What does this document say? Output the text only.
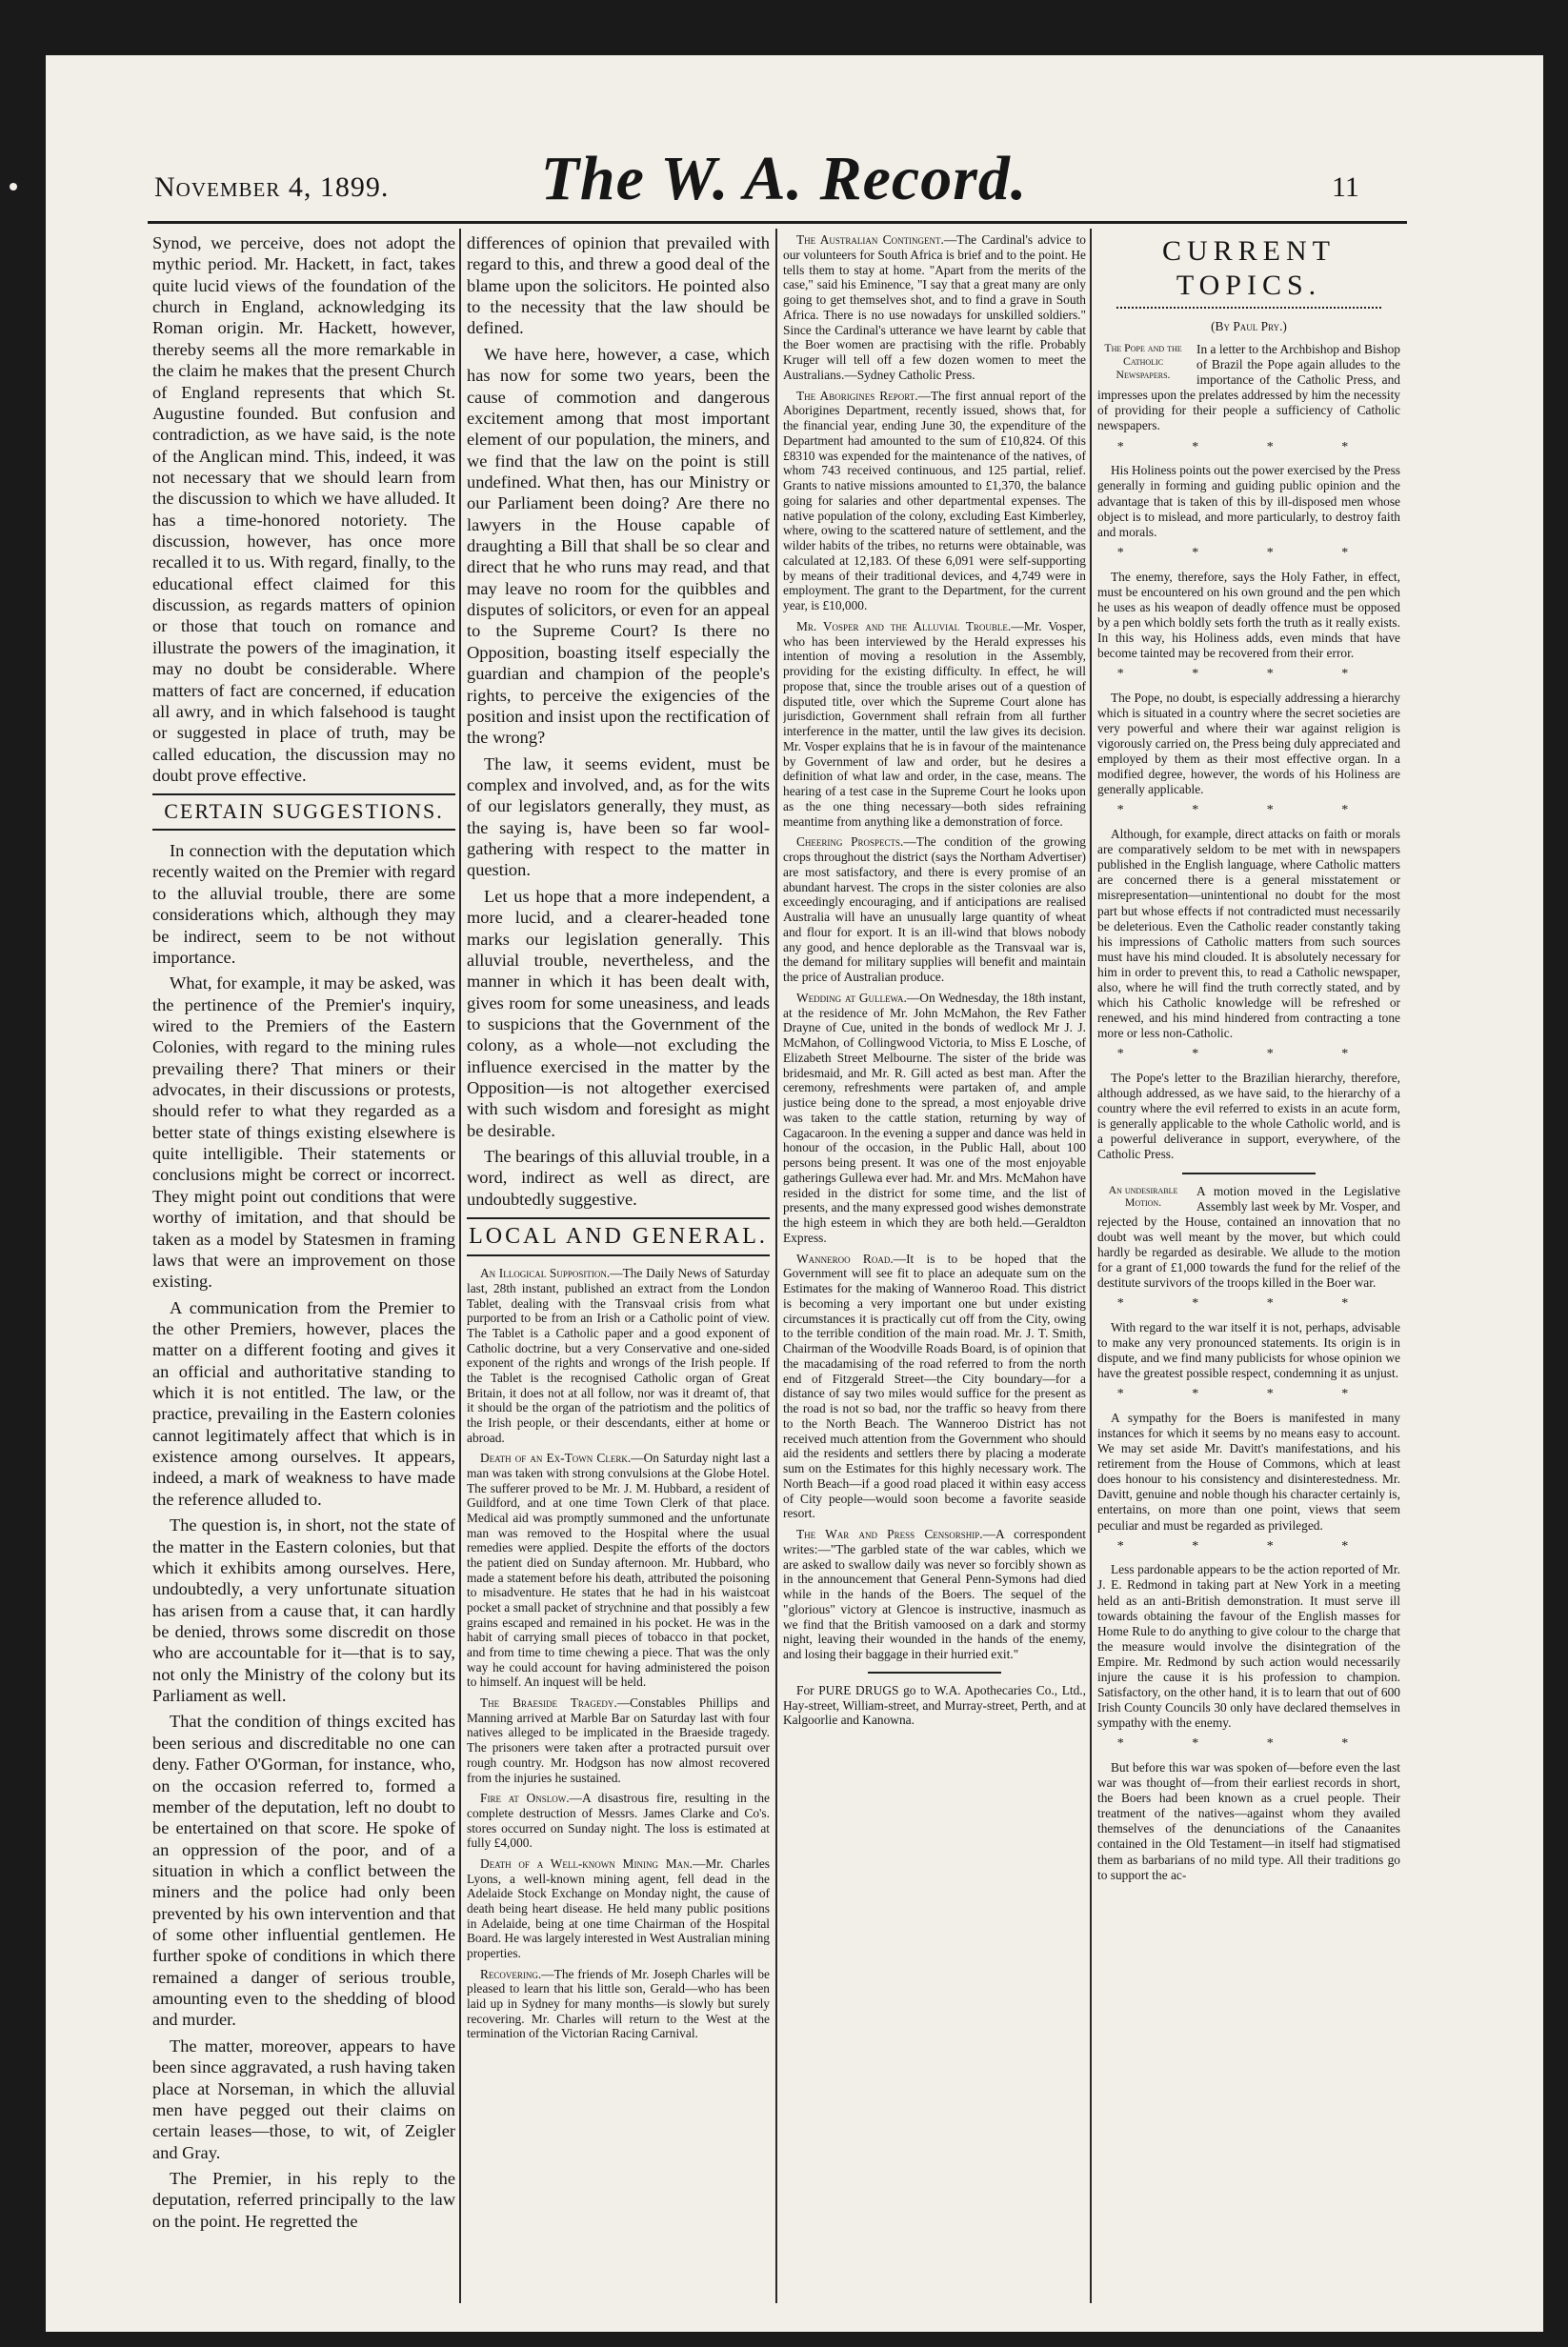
November 4, 1899.	The W. A. Record.	11

Synod, we perceive, does not adopt the mythic period. Mr. Hackett, in fact, takes quite lucid views of the foundation of the church in England, acknowledging its Roman origin. Mr. Hackett, however, thereby seems all the more remarkable in the claim he makes that the present Church of England represents that which St. Augustine founded. But confusion and contradiction, as we have said, is the note of the Anglican mind. This, indeed, it was not necessary that we should learn from the discussion to which we have alluded. It has a time-honored notoriety. The discussion, however, has once more recalled it to us. With regard, finally, to the educational effect claimed for this discussion, as regards matters of opinion or those that touch on romance and illustrate the powers of the imagination, it may no doubt be considerable. Where matters of fact are concerned, if education all awry, and in which falsehood is taught or suggested in place of truth, may be called education, the discussion may no doubt prove effective.

CERTAIN SUGGESTIONS.

In connection with the deputation which recently waited on the Premier with regard to the alluvial trouble, there are some considerations which, although they may be indirect, seem to be not without importance.

What, for example, it may be asked, was the pertinence of the Premier's inquiry, wired to the Premiers of the Eastern Colonies, with regard to the mining rules prevailing there? That miners or their advocates, in their discussions or protests, should refer to what they regarded as a better state of things existing elsewhere is quite intelligible. Their statements or conclusions might be correct or incorrect. They might point out conditions that were worthy of imitation, and that should be taken as a model by Statesmen in framing laws that were an improvement on those existing.

A communication from the Premier to the other Premiers, however, places the matter on a different footing and gives it an official and authoritative standing to which it is not entitled. The law, or the practice, prevailing in the Eastern colonies cannot legitimately affect that which is in existence among ourselves. It appears, indeed, a mark of weakness to have made the reference alluded to.

The question is, in short, not the state of the matter in the Eastern colonies, but that which it exhibits among ourselves. Here, undoubtedly, a very unfortunate situation has arisen from a cause that, it can hardly be denied, throws some discredit on those who are accountable for it—that is to say, not only the Ministry of the colony but its Parliament as well.

That the condition of things excited has been serious and discreditable no one can deny. Father O'Gorman, for instance, who, on the occasion referred to, formed a member of the deputation, left no doubt to be entertained on that score. He spoke of an oppression of the poor, and of a situation in which a conflict between the miners and the police had only been prevented by his own intervention and that of some other influential gentlemen. He further spoke of conditions in which there remained a danger of serious trouble, amounting even to the shedding of blood and murder.

The matter, moreover, appears to have been since aggravated, a rush having taken place at Norseman, in which the alluvial men have pegged out their claims on certain leases—those, to wit, of Zeigler and Gray.

The Premier, in his reply to the deputation, referred principally to the law on the point. He regretted the

differences of opinion that prevailed with regard to this, and threw a good deal of the blame upon the solicitors. He pointed also to the necessity that the law should be defined.

We have here, however, a case, which has now for some two years, been the cause of commotion and dangerous excitement among that most important element of our population, the miners, and we find that the law on the point is still undefined. What then, has our Ministry or our Parliament been doing? Are there no lawyers in the House capable of draughting a Bill that shall be so clear and direct that he who runs may read, and that may leave no room for the quibbles and disputes of solicitors, or even for an appeal to the Supreme Court? Is there no Opposition, boasting itself especially the guardian and champion of the people's rights, to perceive the exigencies of the position and insist upon the rectification of the wrong?

The law, it seems evident, must be complex and involved, and, as for the wits of our legislators generally, they must, as the saying is, have been so far wool-gathering with respect to the matter in question.

Let us hope that a more independent, a more lucid, and a clearer-headed tone marks our legislation generally. This alluvial trouble, nevertheless, and the manner in which it has been dealt with, gives room for some uneasiness, and leads to suspicions that the Government of the colony, as a whole—not excluding the influence exercised in the matter by the Opposition—is not altogether exercised with such wisdom and foresight as might be desirable.

The bearings of this alluvial trouble, in a word, indirect as well as direct, are undoubtedly suggestive.

LOCAL AND GENERAL.

An Illogical Supposition.—The Daily News of Saturday last, 28th instant, published an extract from the London Tablet, dealing with the Transvaal crisis from what purported to be from an Irish or a Catholic point of view. The Tablet is a Catholic paper and a good exponent of Catholic doctrine, but a very Conservative and one-sided exponent of the rights and wrongs of the Irish people. If the Tablet is the recognised Catholic organ of Great Britain, it does not at all follow, nor was it dreamt of, that it should be the organ of the patriotism and the politics of the Irish people, or their descendants, either at home or abroad.

Death of an Ex-Town Clerk.—On Saturday night last a man was taken with strong convulsions at the Globe Hotel. The sufferer proved to be Mr. J. M. Hubbard, a resident of Guildford, and at one time Town Clerk of that place. Medical aid was promptly summoned and the unfortunate man was removed to the Hospital where the usual remedies were applied. Despite the efforts of the doctors the patient died on Sunday afternoon. Mr. Hubbard, who made a statement before his death, attributed the poisoning to misadventure. He states that he had in his waistcoat pocket a small packet of strychnine and that possibly a few grains escaped and remained in his pocket. He was in the habit of carrying small pieces of tobacco in that pocket, and from time to time chewing a piece. That was the only way he could account for having administered the poison to himself. An inquest will be held.

The Braeside Tragedy.—Constables Phillips and Manning arrived at Marble Bar on Saturday last with four natives alleged to be implicated in the Braeside tragedy. The prisoners were taken after a protracted pursuit over rough country. Mr. Hodgson has now almost recovered from the injuries he sustained.

Fire at Onslow.—A disastrous fire, resulting in the complete destruction of Messrs. James Clarke and Co's. stores occurred on Sunday night. The loss is estimated at fully £4,000.

Death of a Well-known Mining Man.—Mr. Charles Lyons, a well-known mining agent, fell dead in the Adelaide Stock Exchange on Monday night, the cause of death being heart disease. He held many public positions in Adelaide, being at one time Chairman of the Hospital Board. He was largely interested in West Australian mining properties.

Recovering.—The friends of Mr. Joseph Charles will be pleased to learn that his little son, Gerald—who has been laid up in Sydney for many months—is slowly but surely recovering. Mr. Charles will return to the West at the termination of the Victorian Racing Carnival.

The Australian Contingent.—The Cardinal's advice to our volunteers for South Africa is brief and to the point. He tells them to stay at home. "Apart from the merits of the case," said his Eminence, "I say that a great many are only going to get themselves shot, and to find a grave in South Africa. There is no use nowadays for unskilled soldiers." Since the Cardinal's utterance we have learnt by cable that the Boer women are practising with the rifle. Probably Kruger will tell off a few dozen women to meet the Australians.—Sydney Catholic Press.

The Aborigines Report.—The first annual report of the Aborigines Department, recently issued, shows that, for the financial year, ending June 30, the expenditure of the Department had amounted to the sum of £10,824. Of this £8310 was expended for the maintenance of the natives, of whom 743 received continuous, and 125 partial, relief. Grants to native missions amounted to £1,370, the balance going for salaries and other departmental expenses. The native population of the colony, excluding East Kimberley, where, owing to the scattered nature of settlement, and the wilder habits of the tribes, no returns were obtainable, was calculated at 12,183. Of these 6,091 were self-supporting by means of their traditional devices, and 4,749 were in employment. The grant to the Department, for the current year, is £10,000.

Mr. Vosper and the Alluvial Trouble.—Mr. Vosper, who has been interviewed by the Herald expresses his intention of moving a resolution in the Assembly, providing for the existing difficulty. In effect, he will propose that, since the trouble arises out of a question of disputed title, over which the Supreme Court alone has jurisdiction, Government shall refrain from all further interference in the matter, until the law gives its decision. Mr. Vosper explains that he is in favour of the maintenance by Government of law and order, but he desires a definition of what law and order, in the case, means. The hearing of a test case in the Supreme Court he looks upon as the one thing necessary—both sides refraining meantime from anything like a demonstration of force.

Cheering Prospects.—The condition of the growing crops throughout the district (says the Northam Advertiser) are most satisfactory, and there is every promise of an abundant harvest. The crops in the sister colonies are also exceedingly encouraging, and if anticipations are realised Australia will have an unusually large quantity of wheat and flour for export. It is an ill-wind that blows nobody any good, and hence deplorable as the Transvaal war is, the demand for military supplies will benefit and maintain the price of Australian produce.

Wedding at Gullewa.—On Wednesday, the 18th instant, at the residence of Mr. John McMahon, the Rev Father Drayne of Cue, united in the bonds of wedlock Mr J. J. McMahon, of Collingwood Victoria, to Miss E Losche, of Elizabeth Street Melbourne. The sister of the bride was bridesmaid, and Mr. R. Gill acted as best man. After the ceremony, refreshments were partaken of, and ample justice being done to the spread, a most enjoyable drive was taken to the cattle station, returning by way of Cagacaroon. In the evening a supper and dance was held in honour of the occasion, in the Public Hall, about 100 persons being present. It was one of the most enjoyable gatherings Gullewa ever had. Mr. and Mrs. McMahon have resided in the district for some time, and the list of presents, and the many expressed good wishes demonstrate the high esteem in which they are both held.—Geraldton Express.

Wanneroo Road.—It is to be hoped that the Government will see fit to place an adequate sum on the Estimates for the making of Wanneroo Road. This district is becoming a very important one but under existing circumstances it is practically cut off from the City, owing to the terrible condition of the main road. Mr. J. T. Smith, Chairman of the Woodville Roads Board, is of opinion that the macadamising of the road referred to from the north end of Fitzgerald Street—the City boundary—for a distance of say two miles would suffice for the present as the road is not so bad, nor the traffic so heavy from there to the North Beach. The Wanneroo District has not received much attention from the Government who should aid the residents and settlers there by placing a moderate sum on the Estimates for this highly necessary work. The North Beach—if a good road placed it within easy access of City people—would soon become a favorite seaside resort.

The War and Press Censorship.—A correspondent writes:—"The garbled state of the war cables, which we are asked to swallow daily was never so forcibly shown as in the announcement that General Penn-Symons had died while in the hands of the Boers. The sequel of the "glorious" victory at Glencoe is instructive, inasmuch as we find that the British vamoosed on a dark and stormy night, leaving their wounded in the hands of the enemy, and losing their baggage in their hurried exit."

For PURE DRUGS go to W.A. Apothecaries Co., Ltd., Hay-street, William-street, and Murray-street, Perth, and at Kalgoorlie and Kanowna.

CURRENT TOPICS.
(By Paul Pry.)

The Pope and the Catholic Newspapers.
In a letter to the Archbishop and Bishop of Brazil the Pope again alludes to the importance of the Catholic Press, and impresses upon the prelates addressed by him the necessity of providing for their people a sufficiency of Catholic newspapers.

* * * *

His Holiness points out the power exercised by the Press generally in forming and guiding public opinion and the advantage that is taken of this by ill-disposed men whose object is to mislead, and more particularly, to destroy faith and morals.

* * * *

The enemy, therefore, says the Holy Father, in effect, must be encountered on his own ground and the pen which he uses as his weapon of deadly offence must be opposed by a pen which boldly sets forth the truth as it really exists. In this way, his Holiness adds, even minds that have become tainted may be recovered from their error.

* * * *

The Pope, no doubt, is especially addressing a hierarchy which is situated in a country where the secret societies are very powerful and where their war against religion is vigorously carried on, the Press being duly appreciated and employed by them as their most effective organ. In a modified degree, however, the words of his Holiness are generally applicable.

* * * *

Although, for example, direct attacks on faith or morals are comparatively seldom to be met with in newspapers published in the English language, where Catholic matters are concerned there is a general misstatement or misrepresentation—unintentional no doubt for the most part but whose effects if not contradicted must necessarily be deleterious. Even the Catholic reader constantly taking his impressions of Catholic matters from such sources must have his mind clouded. It is absolutely necessary for him in order to prevent this, to read a Catholic newspaper, also, where he will find the truth correctly stated, and by which his Catholic knowledge will be refreshed or renewed, and his mind hindered from contracting a tone more or less non-Catholic.

* * * *

The Pope's letter to the Brazilian hierarchy, therefore, although addressed, as we have said, to the hierarchy of a country where the evil referred to exists in an acute form, is generally applicable to the whole Catholic world, and is a powerful deliverance in support, everywhere, of the Catholic Press.

An undesirable Motion.
A motion moved in the Legislative Assembly last week by Mr. Vosper, and rejected by the House, contained an innovation that no doubt was well meant by the mover, but which could hardly be regarded as desirable. We allude to the motion for a grant of £1,000 towards the fund for the relief of the destitute survivors of the troops killed in the Boer war.

* * * *

With regard to the war itself it is not, perhaps, advisable to make any very pronounced statements. Its origin is in dispute, and we find many publicists for whose opinion we have the greatest possible respect, condemning it as unjust.

* * * *

A sympathy for the Boers is manifested in many instances for which it seems by no means easy to account. We may set aside Mr. Davitt's manifestations, and his retirement from the House of Commons, which at least does honour to his consistency and disinterestedness. Mr. Davitt, genuine and noble though his character certainly is, entertains, on more than one point, views that seem peculiar and must be regarded as privileged.

* * * *

Less pardonable appears to be the action reported of Mr. J. E. Redmond in taking part at New York in a meeting held as an anti-British demonstration. It must serve ill towards obtaining the favour of the English masses for Home Rule to do anything to give colour to the charge that the measure would involve the disintegration of the Empire. Mr. Redmond by such action would necessarily injure the cause it is his profession to champion. Satisfactory, on the other hand, it is to learn that out of 600 Irish County Councils 30 only have declared themselves in sympathy with the enemy.

* * * *

But before this war was spoken of—before even the last war was thought of—from their earliest records in short, the Boers had been known as a cruel people. Their treatment of the natives—against whom they availed themselves of the denunciations of the Canaanites contained in the Old Testament—in itself had stigmatised them as barbarians of no mild type. All their traditions go to support the ac-
